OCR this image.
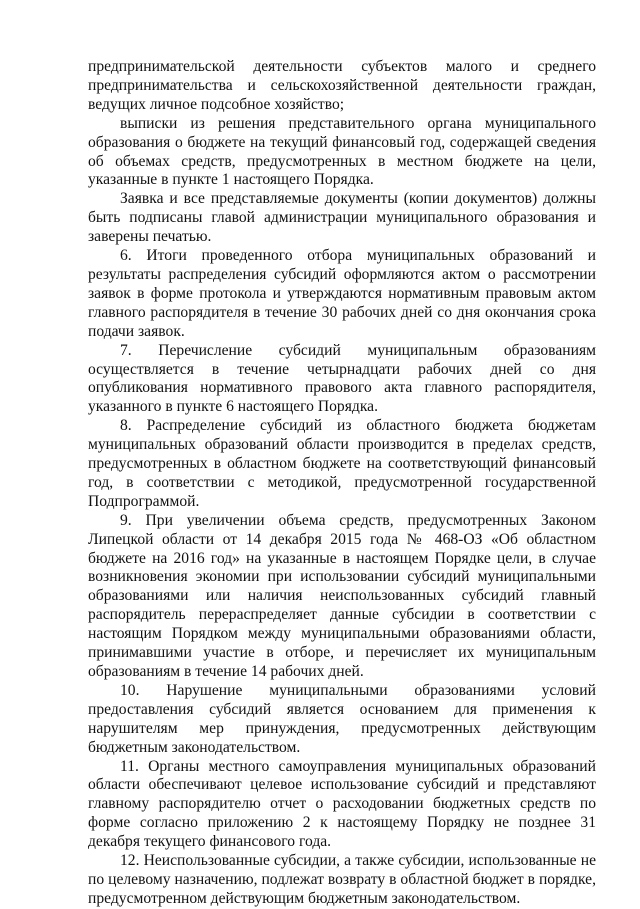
предпринимательской деятельности субъектов малого и среднего предпринимательства и сельскохозяйственной деятельности граждан, ведущих личное подсобное хозяйство;

выписки из решения представительного органа муниципального образования о бюджете на текущий финансовый год, содержащей сведения об объемах средств, предусмотренных в местном бюджете на цели, указанные в пункте 1 настоящего Порядка.

Заявка и все представляемые документы (копии документов) должны быть подписаны главой администрации муниципального образования и заверены печатью.

6. Итоги проведенного отбора муниципальных образований и результаты распределения субсидий оформляются актом о рассмотрении заявок в форме протокола и утверждаются нормативным правовым актом главного распорядителя в течение 30 рабочих дней со дня окончания срока подачи заявок.

7. Перечисление субсидий муниципальным образованиям осуществляется в течение четырнадцати рабочих дней со дня опубликования нормативного правового акта главного распорядителя, указанного в пункте 6 настоящего Порядка.

8. Распределение субсидий из областного бюджета бюджетам муниципальных образований области производится в пределах средств, предусмотренных в областном бюджете на соответствующий финансовый год, в соответствии с методикой, предусмотренной государственной Подпрограммой.

9. При увеличении объема средств, предусмотренных Законом Липецкой области от 14 декабря 2015 года № 468-ОЗ «Об областном бюджете на 2016 год» на указанные в настоящем Порядке цели, в случае возникновения экономии при использовании субсидий муниципальными образованиями или наличия неиспользованных субсидий главный распорядитель перераспределяет данные субсидии в соответствии с настоящим Порядком между муниципальными образованиями области, принимавшими участие в отборе, и перечисляет их муниципальным образованиям в течение 14 рабочих дней.

10. Нарушение муниципальными образованиями условий предоставления субсидий является основанием для применения к нарушителям мер принуждения, предусмотренных действующим бюджетным законодательством.

11. Органы местного самоуправления муниципальных образований области обеспечивают целевое использование субсидий и представляют главному распорядителю отчет о расходовании бюджетных средств по форме согласно приложению 2 к настоящему Порядку не позднее 31 декабря текущего финансового года.

12. Неиспользованные субсидии, а также субсидии, использованные не по целевому назначению, подлежат возврату в областной бюджет в порядке, предусмотренном действующим бюджетным законодательством.
